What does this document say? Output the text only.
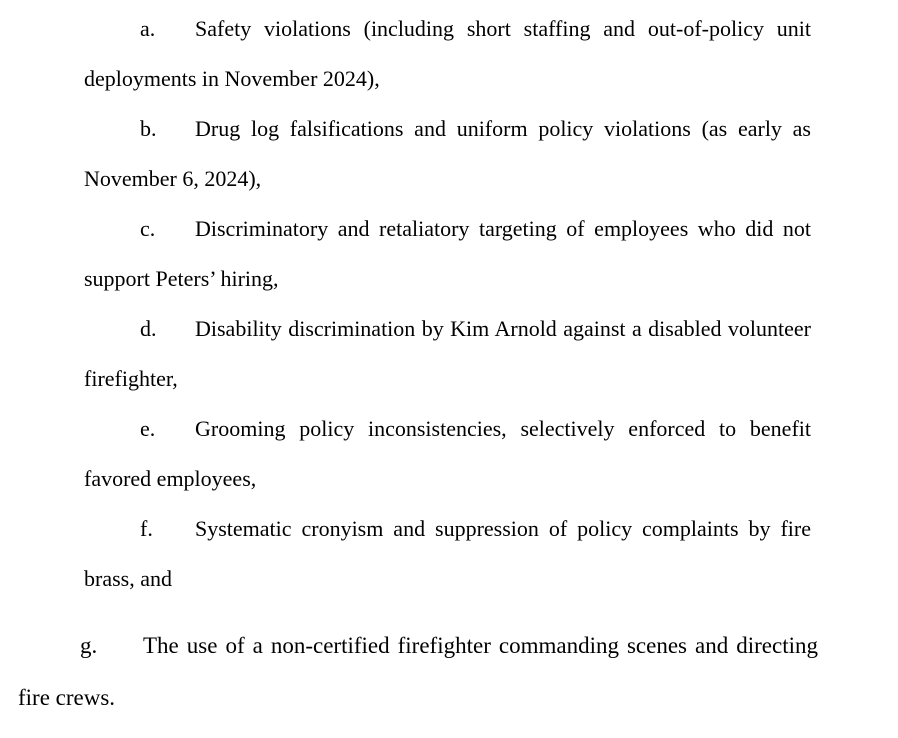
a. Safety violations (including short staffing and out-of-policy unit
deployments in November 2024),
b. Drug log falsifications and uniform policy violations (as early as
November 6, 2024),
c. Discriminatory and retaliatory targeting of employees who did not
support Peters’ hiring,
d. Disability discrimination by Kim Arnold against a disabled volunteer
firefighter,
e. Grooming policy inconsistencies, selectively enforced to benefit
favored employees,
f. Systematic cronyism and suppression of policy complaints by fire
brass, and
g. The use of a non-certified firefighter commanding scenes and directing
fire crews.
